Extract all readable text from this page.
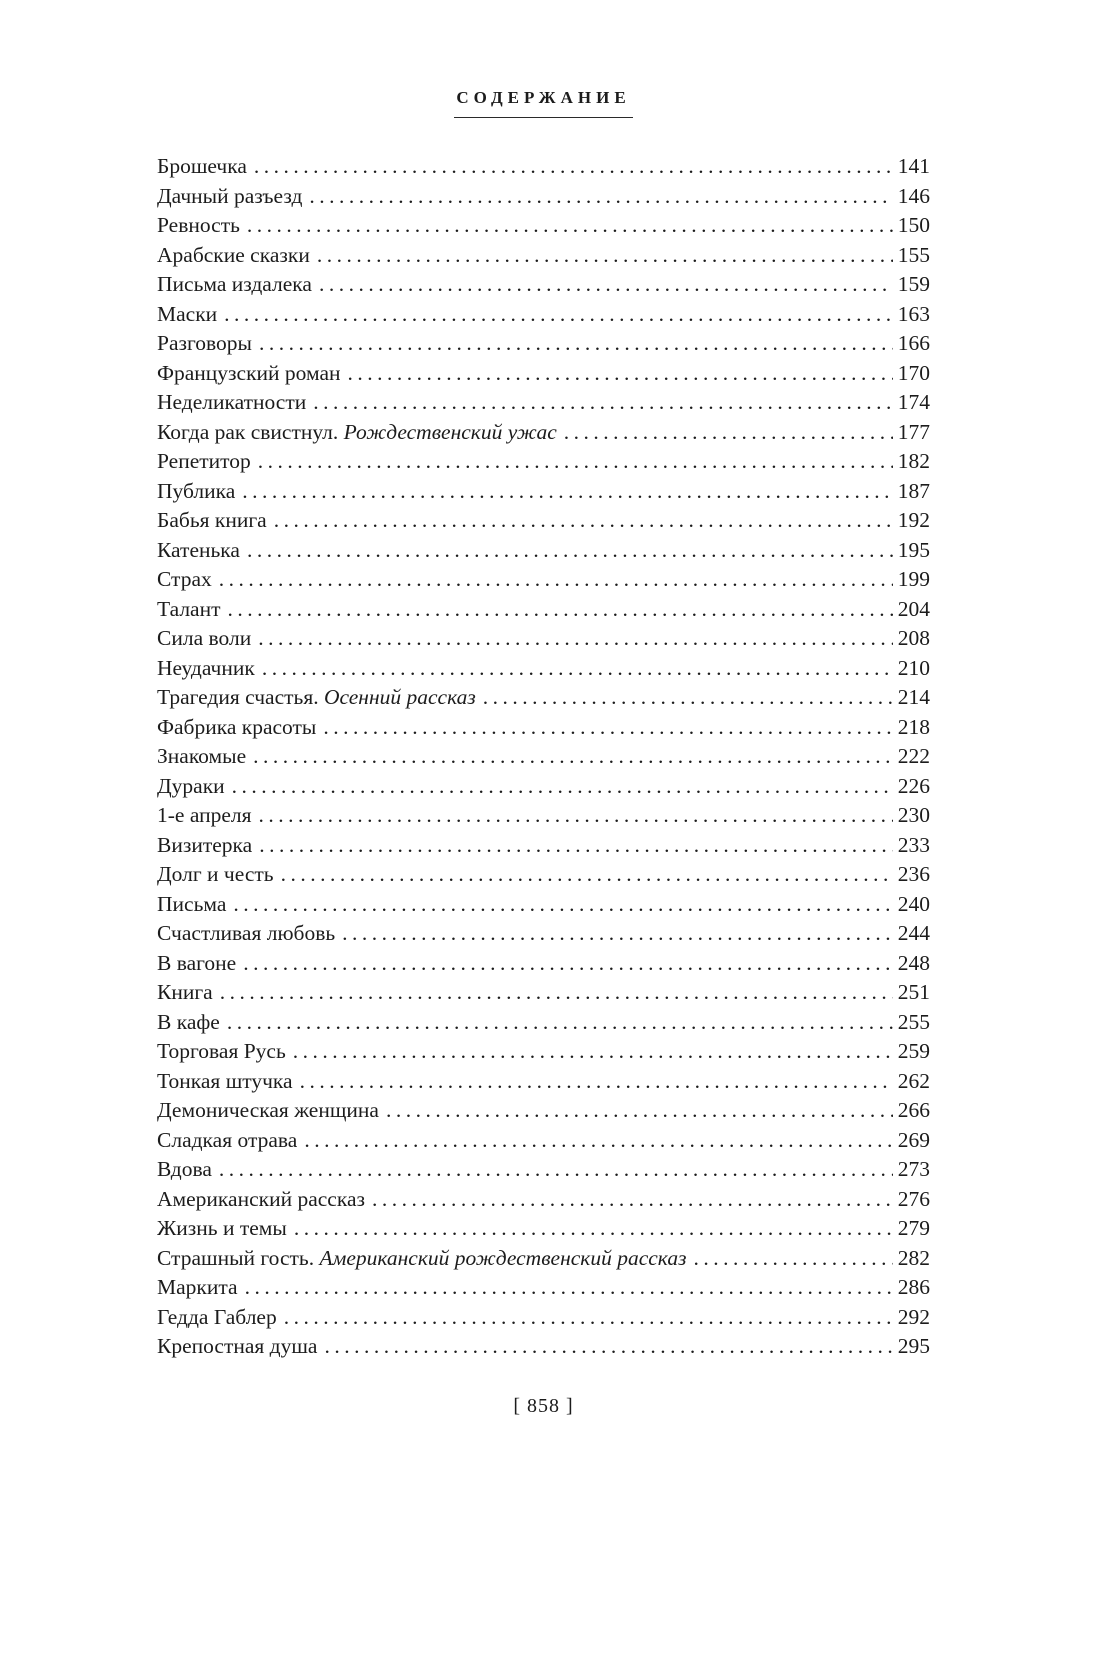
СОДЕРЖАНИЕ
Брошечка .....	141
Дачный разъезд .....	146
Ревность .....	150
Арабские сказки .....	155
Письма издалека .....	159
Маски .....	163
Разговоры .....	166
Французский роман .....	170
Неделикатности .....	174
Когда рак свистнул. Рождественский ужас .....	177
Репетитор .....	182
Публика .....	187
Бабья книга .....	192
Катенька .....	195
Страх .....	199
Талант .....	204
Сила воли .....	208
Неудачник .....	210
Трагедия счастья. Осенний рассказ .....	214
Фабрика красоты .....	218
Знакомые .....	222
Дураки .....	226
1-е апреля .....	230
Визитерка .....	233
Долг и честь .....	236
Письма .....	240
Счастливая любовь .....	244
В вагоне .....	248
Книга .....	251
В кафе .....	255
Торговая Русь .....	259
Тонкая штучка .....	262
Демоническая женщина .....	266
Сладкая отрава .....	269
Вдова .....	273
Американский рассказ .....	276
Жизнь и темы .....	279
Страшный гость. Американский рождественский рассказ .....	282
Маркита .....	286
Гедда Габлер .....	292
Крепостная душа .....	295
[ 858 ]
